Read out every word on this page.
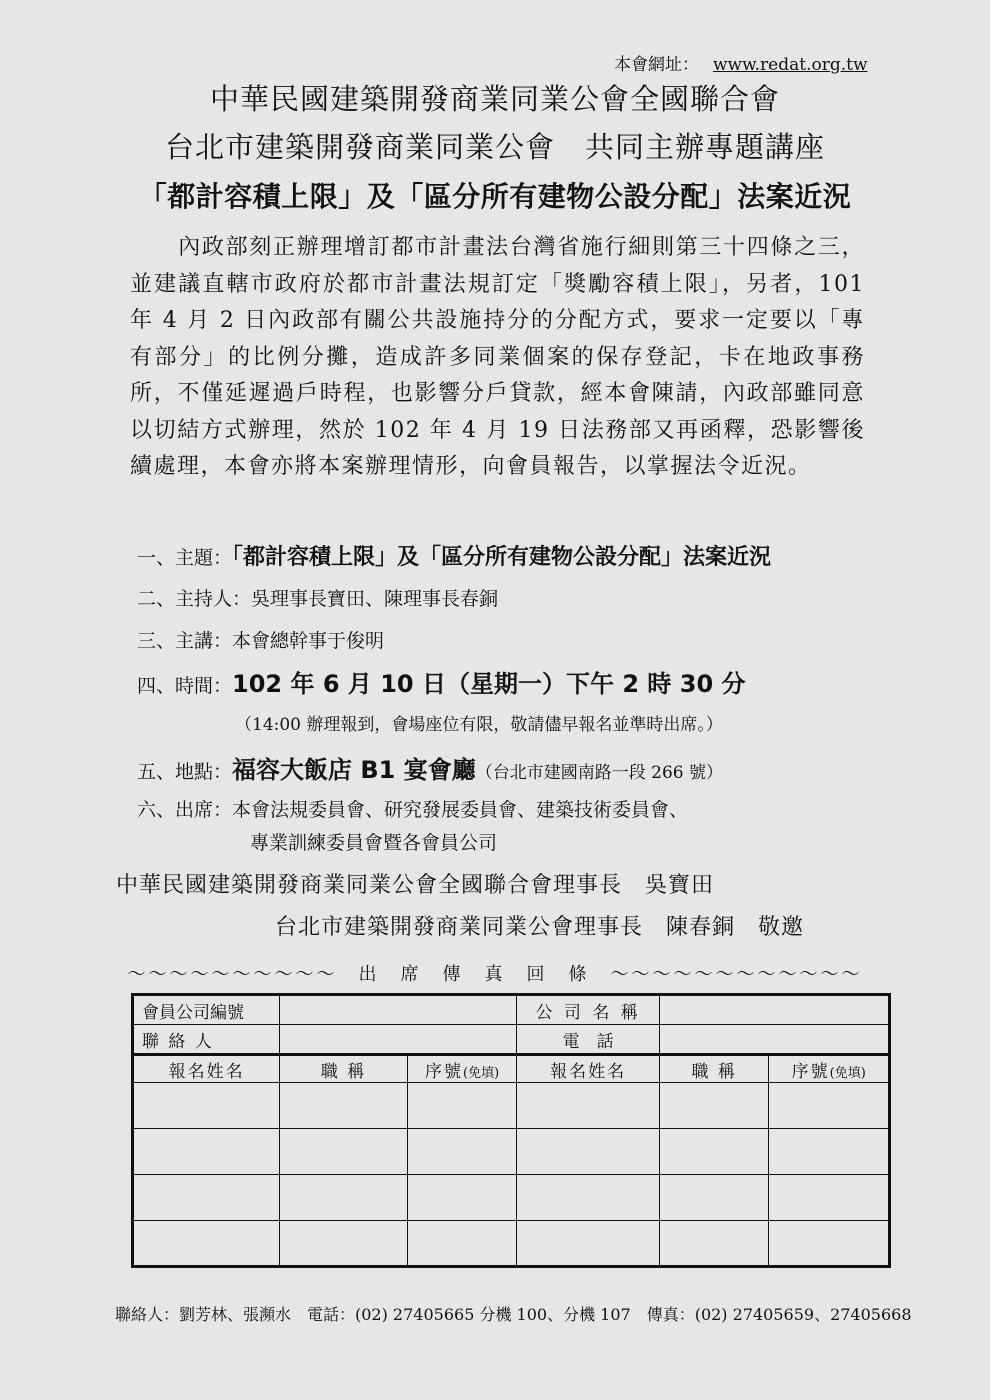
本會網址： www.redat.org.tw
中華民國建築開發商業同業公會全國聯合會
台北市建築開發商業同業公會　共同主辦專題講座
「都計容積上限」及「區分所有建物公設分配」法案近況
內政部刻正辦理增訂都市計畫法台灣省施行細則第三十四條之三，並建議直轄市政府於都市計畫法規訂定「獎勵容積上限」，另者，101 年 4 月 2 日內政部有關公共設施持分的分配方式，要求一定要以「專有部分」的比例分攤，造成許多同業個案的保存登記，卡在地政事務所，不僅延遲過戶時程，也影響分戶貸款，經本會陳請，內政部雖同意以切結方式辦理，然於 102 年 4 月 19 日法務部又再函釋，恐影響後續處理，本會亦將本案辦理情形，向會員報告，以掌握法令近況。
一、主題：「都計容積上限」及「區分所有建物公設分配」法案近況
二、主持人：吳理事長寶田、陳理事長春銅
三、主講：本會總幹事于俊明
四、時間：102 年 6 月 10 日（星期一）下午 2 時 30 分
（14:00 辦理報到，會場座位有限，敬請儘早報名並準時出席。）
五、地點：福容大飯店 B1 宴會廳（台北市建國南路一段 266 號）
六、出席：本會法規委員會、研究發展委員會、建築技術委員會、
專業訓練委員會暨各會員公司
中華民國建築開發商業同業公會全國聯合會理事長　吳寶田
台北市建築開發商業同業公會理事長　陳春銅　敬邀
～～～～～～～～～～　出　席　傳　真　回　條　～～～～～～～～～～～～
會員公司編號			公 司 名 稱		
聯 絡 人			電　話		
報名姓名	職 稱	序號(免填)	報名姓名	職 稱	序號(免填)

聯絡人：劉芳林、張瀕水　電話：(02) 27405665 分機 100、分機 107　傳真：(02) 27405659、27405668
